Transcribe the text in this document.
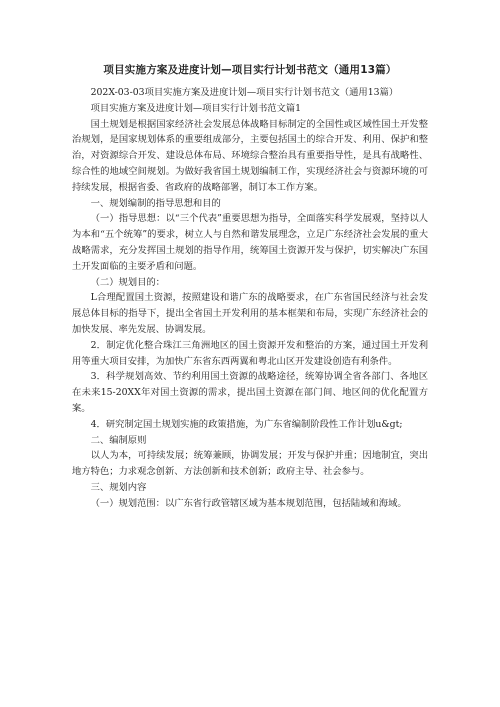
项目实施方案及进度计划—项目实行计划书范文（通用13篇）

202X-03-03项目实施方案及进度计划—项目实行计划书范文（通用13篇）

项目实施方案及进度计划—项目实行计划书范文篇1

国土规划是根据国家经济社会发展总体战略目标制定的全国性或区域性国土开发整治规划，是国家规划体系的重要组成部分，主要包括国土的综合开发、利用、保护和整治，对资源综合开发、建设总体布局、环境综合整治具有重要指导性，是具有战略性、综合性的地域空间规划。为做好我省国土规划编制工作，实现经济社会与资源环境的可持续发展，根据省委、省政府的战略部署，制订本工作方案。

一、规划编制的指导思想和目的

（一）指导思想：以“三个代表”重要思想为指导，全面落实科学发展观，坚持以人为本和“五个统筹”的要求，树立人与自然和谐发展理念，立足广东经济社会发展的重大战略需求，充分发挥国土规划的指导作用，统筹国土资源开发与保护，切实解决广东国土开发面临的主要矛盾和问题。

（二）规划目的：

L合理配置国土资源，按照建设和谐广东的战略要求，在广东省国民经济与社会发展总体目标的指导下，提出全省国土开发利用的基本框架和布局，实现广东经济社会的加快发展、率先发展、协调发展。

2．制定优化整合珠江三角洲地区的国土资源开发和整治的方案，通过国土开发利用等重大项目安排，为加快广东省东西两翼和粤北山区开发建设创造有利条件。

3．科学规划高效、节约利用国土资源的战略途径，统筹协调全省各部门、各地区在未来15-20XX年对国土资源的需求，提出国土资源在部门间、地区间的优化配置方案。

4．研究制定国土规划实施的政策措施，为广东省编制阶段性工作计划u&gt;

二、编制原则

以人为本，可持续发展；统筹兼顾，协调发展；开发与保护并重；因地制宜，突出地方特色；力求观念创新、方法创新和技术创新；政府主导、社会参与。

三、规划内容

（一）规划范围：以广东省行政管辖区域为基本规划范围，包括陆域和海域。
